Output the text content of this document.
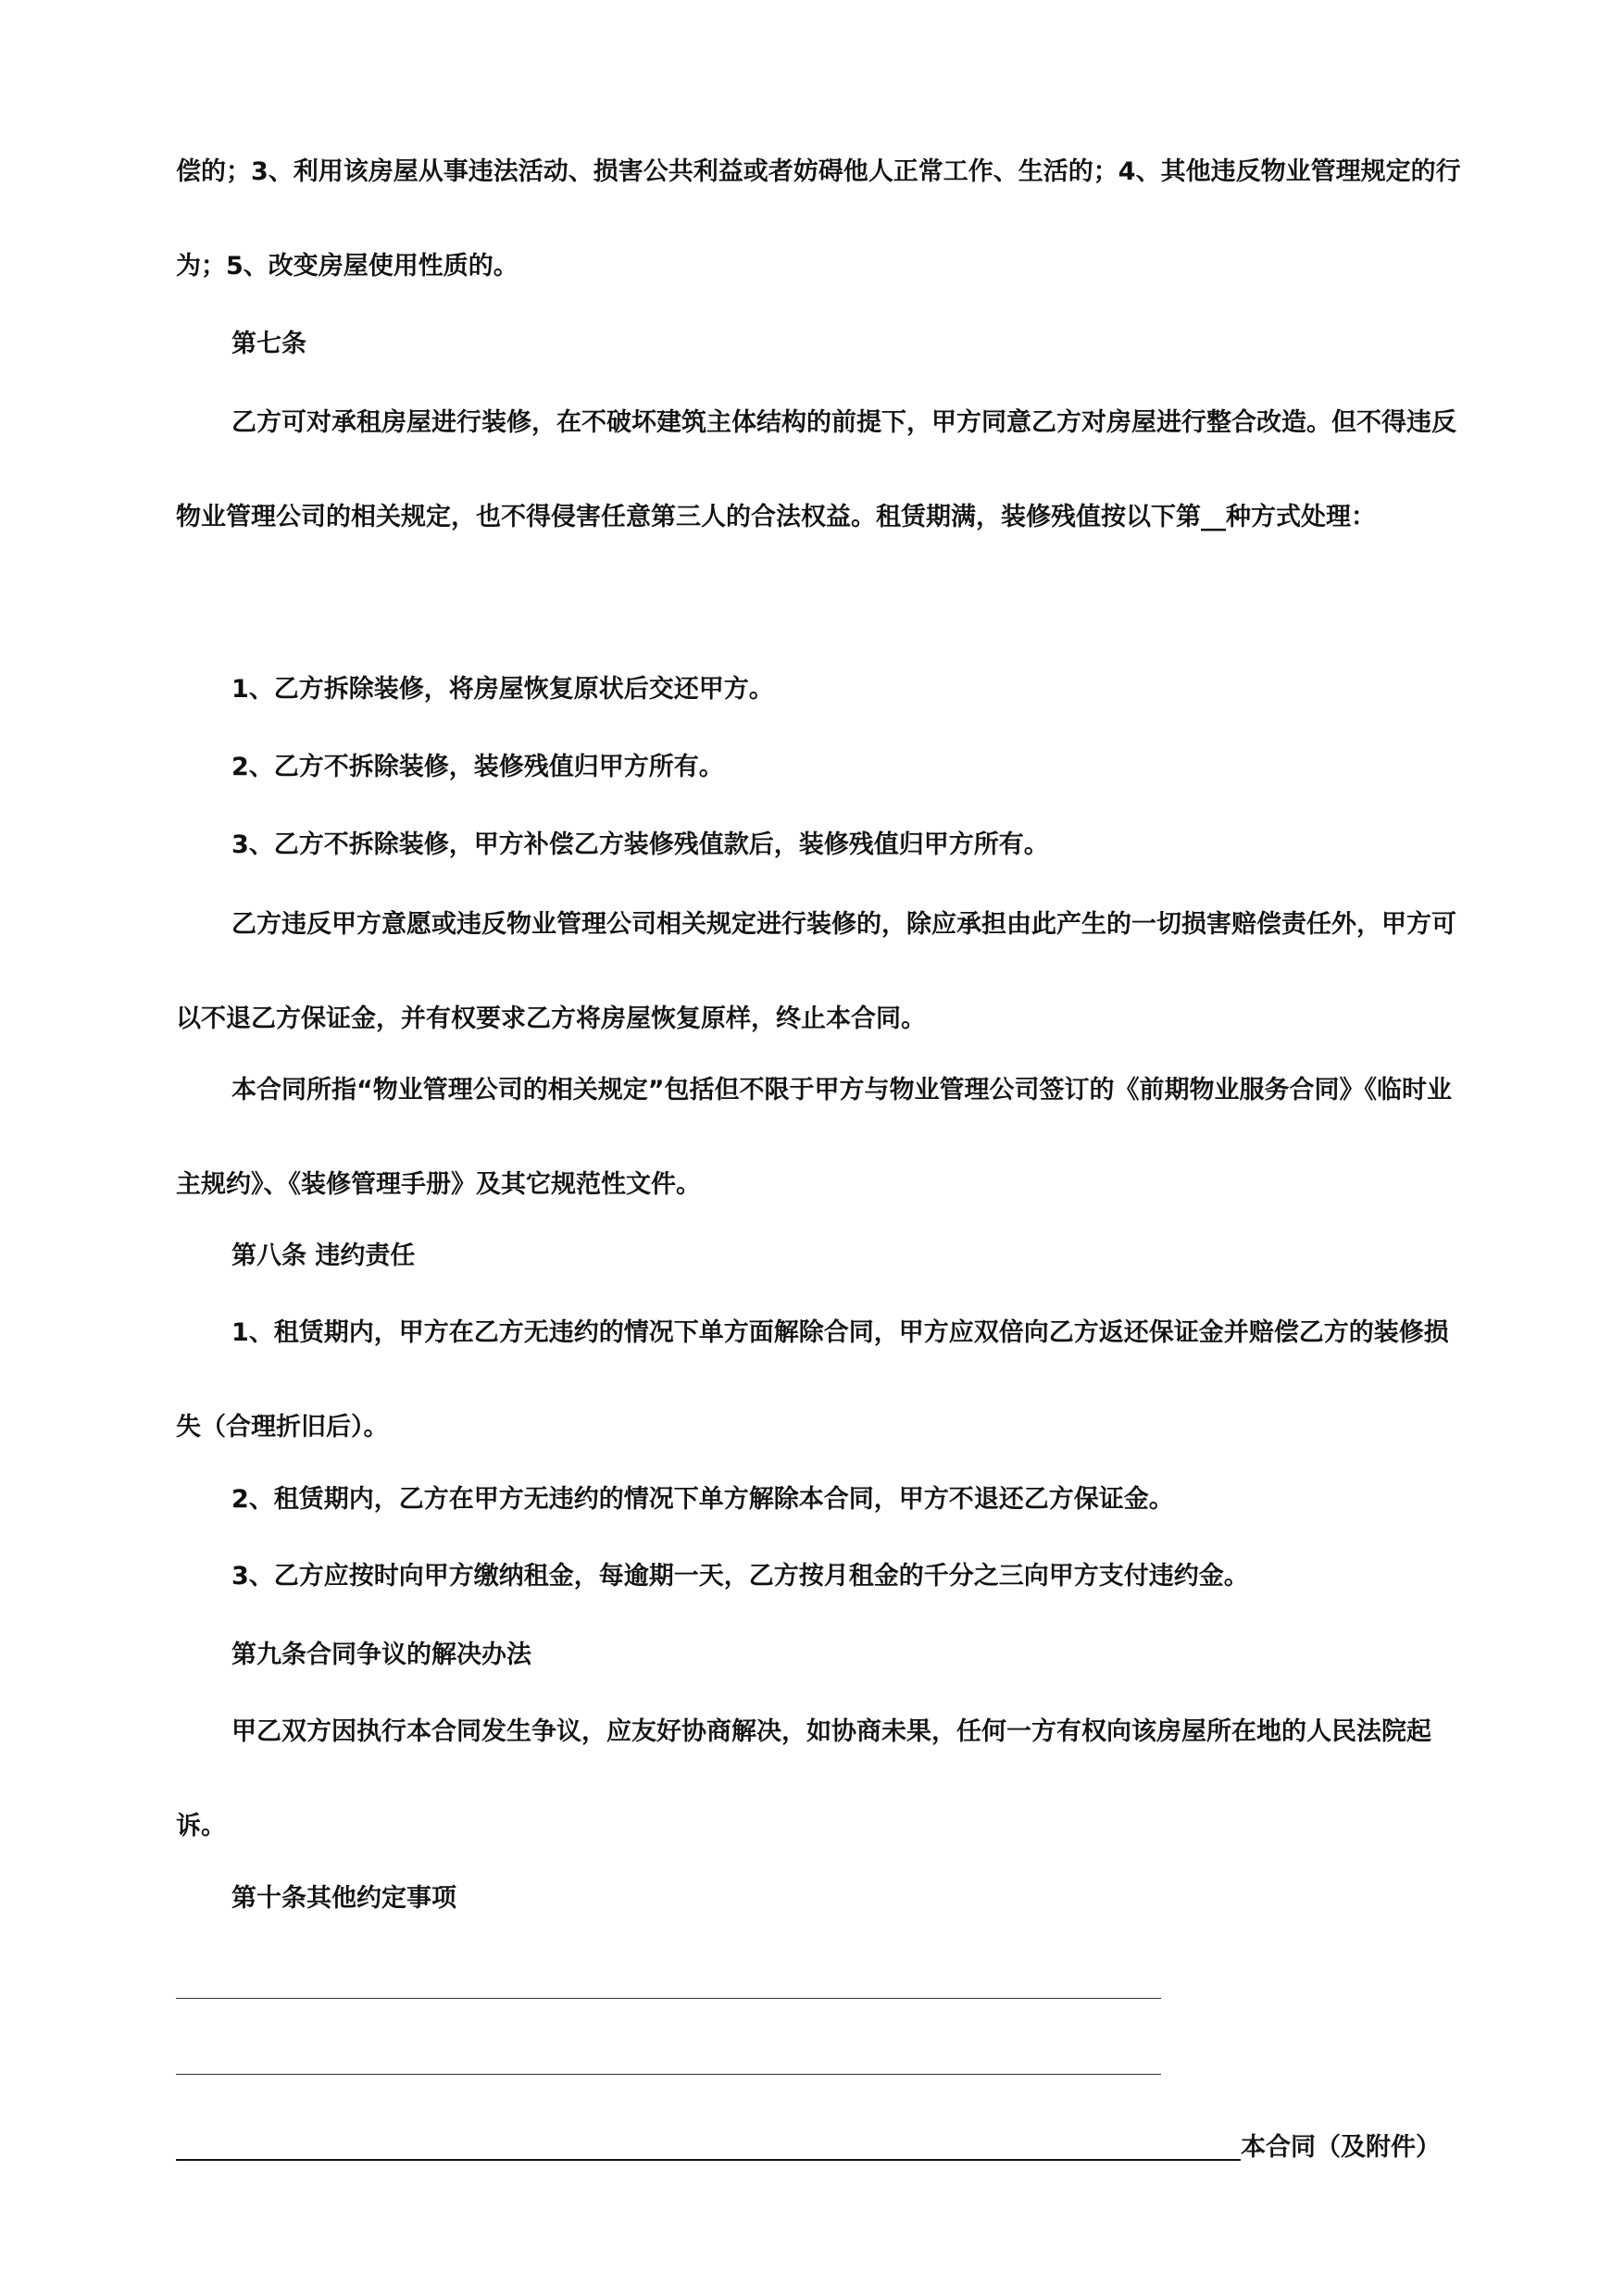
偿的；3、利用该房屋从事违法活动、损害公共利益或者妨碍他人正常工作、生活的；4、其他违反物业管理规定的行为；5、改变房屋使用性质的。

第七条

乙方可对承租房屋进行装修，在不破坏建筑主体结构的前提下，甲方同意乙方对房屋进行整合改造。但不得违反物业管理公司的相关规定，也不得侵害任意第三人的合法权益。租赁期满，装修残值按以下第__种方式处理：

1、乙方拆除装修，将房屋恢复原状后交还甲方。

2、乙方不拆除装修，装修残值归甲方所有。

3、乙方不拆除装修，甲方补偿乙方装修残值款后，装修残值归甲方所有。

乙方违反甲方意愿或违反物业管理公司相关规定进行装修的，除应承担由此产生的一切损害赔偿责任外，甲方可以不退乙方保证金，并有权要求乙方将房屋恢复原样，终止本合同。

本合同所指“物业管理公司的相关规定”包括但不限于甲方与物业管理公司签订的《前期物业服务合同》《临时业主规约》、《装修管理手册》及其它规范性文件。

第八条 违约责任

1、租赁期内，甲方在乙方无违约的情况下单方面解除合同，甲方应双倍向乙方返还保证金并赔偿乙方的装修损失（合理折旧后）。

2、租赁期内，乙方在甲方无违约的情况下单方解除本合同，甲方不退还乙方保证金。

3、乙方应按时向甲方缴纳租金，每逾期一天，乙方按月租金的千分之三向甲方支付违约金。

第九条合同争议的解决办法

甲乙双方因执行本合同发生争议，应友好协商解决，如协商未果，任何一方有权向该房屋所在地的人民法院起诉。

第十条其他约定事项

本合同（及附件）
